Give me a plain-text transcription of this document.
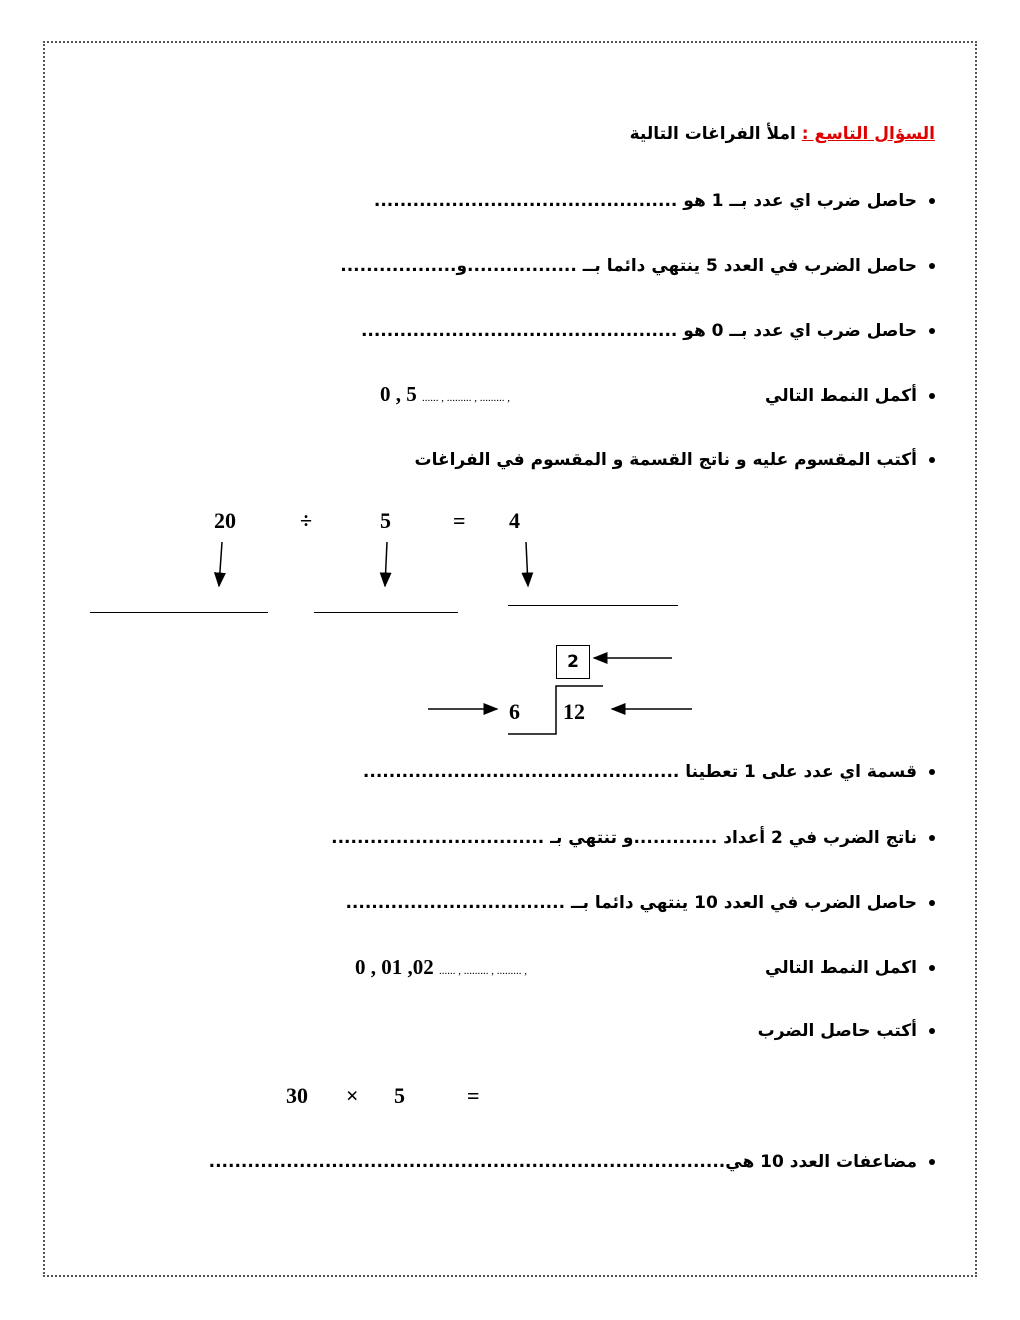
السؤال التاسع : املأ الفراغات التالية
حاصل ضرب اي عدد بــ 1 هو ...............................................
حاصل الضرب في العدد 5 ينتهي دائما بــ .................و..................
حاصل ضرب اي عدد بــ 0 هو .................................................
أكمل النمط التالي
5 , 0 ...... , ......... , ......... ,
أكتب المقسوم عليه و ناتج القسمة و المقسوم في الفراغات
20	÷	5	= 4
2
6 12
قسمة اي عدد على 1 تعطينا .................................................
ناتج الضرب في 2 أعداد .............و تنتهي بـ .................................
حاصل الضرب في العدد 10 ينتهي دائما بــ ..................................
اكمل النمط التالي
20, 10 , 0 ...... , ......... , ......... ,
أكتب حاصل الضرب
30 × 5	=
مضاعفات العدد 10 هي................................................................................
